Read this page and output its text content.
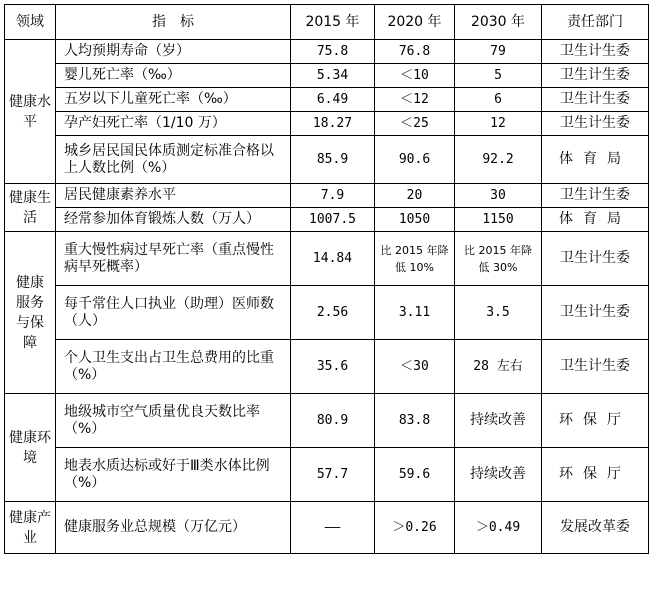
领域	指　标	2015 年	2020 年	2030 年	责任部门
健康水平	人均预期寿命（岁）	75.8	76.8	79	卫生计生委
	婴儿死亡率（‰）	5.34	＜10	5	卫生计生委
	五岁以下儿童死亡率（‰）	6.49	＜12	6	卫生计生委
	孕产妇死亡率（1/10 万）	18.27	＜25	12	卫生计生委
	城乡居民国民体质测定标准合格以上人数比例（%）	85.9	90.6	92.2	体育局
健康生活	居民健康素养水平	7.9	20	30	卫生计生委
	经常参加体育锻炼人数（万人）	1007.5	1050	1150	体育局

健康服务与保障	重大慢性病过早死亡率（重点慢性病早死概率）	14.84	比 2015 年降低 10%	比 2015 年降低 30%	卫生计生委
	每千常住人口执业（助理）医师数（人）	2.56	3.11	3.5	卫生计生委
	个人卫生支出占卫生总费用的比重（%）	35.6	＜30	28 左右	卫生计生委
健康环境	地级城市空气质量优良天数比率（%）	80.9	83.8	持续改善	环保厅
	地表水质达标或好于Ⅲ类水体比例（%）	57.7	59.6	持续改善	环保厅
健康产业	健康服务业总规模（万亿元）	——	＞0.26	＞0.49	发展改革委
